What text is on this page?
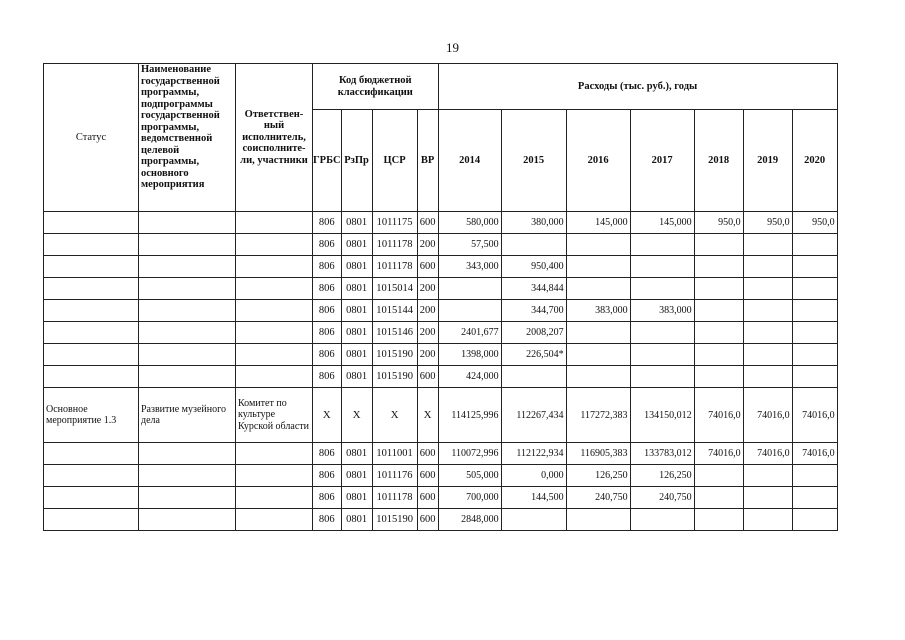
19
Статус	Наименование государственной программы, подпрограммы государственной программы, ведомственной целевой программы, основного мероприятия	Ответствен-ный исполнитель, соисполните-ли, участники	Код бюджетной классификации				Расходы (тыс. руб.), годы						
			ГРБС	РзПр	ЦСР	ВР	2014	2015	2016	2017	2018	2019	2020
			806	0801	1011175	600	580,000	380,000	145,000	145,000	950,0	950,0	950,0
			806	0801	1011178	200	57,500						
			806	0801	1011178	600	343,000	950,400					
			806	0801	1015014	200		344,844					
			806	0801	1015144	200		344,700	383,000	383,000			
			806	0801	1015146	200	2401,677	2008,207					
			806	0801	1015190	200	1398,000	226,504*					
			806	0801	1015190	600	424,000						
Основное мероприятие 1.3	Развитие музейного дела	Комитет по культуре Курской области	X	X	X	X	114125,996	112267,434	117272,383	134150,012	74016,0	74016,0	74016,0
			806	0801	1011001	600	110072,996	112122,934	116905,383	133783,012	74016,0	74016,0	74016,0
			806	0801	1011176	600	505,000	0,000	126,250	126,250			
			806	0801	1011178	600	700,000	144,500	240,750	240,750			
			806	0801	1015190	600	2848,000						
